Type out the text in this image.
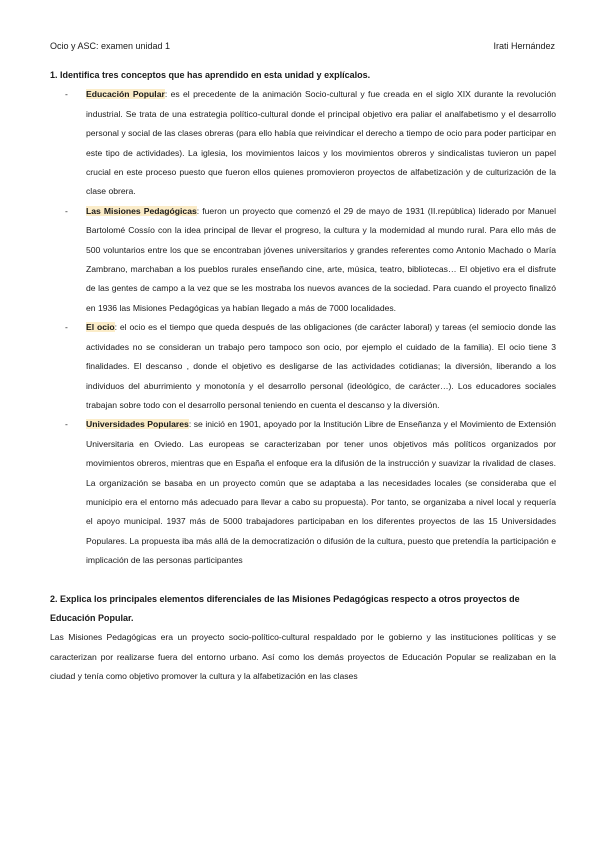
Ocio y ASC: examen unidad 1	Irati Hernández

1. Identifica tres conceptos que has aprendido en esta unidad y explícalos.

- Educación Popular: es el precedente de la animación Socio-cultural y fue creada en el siglo XIX durante la revolución industrial. Se trata de una estrategia político-cultural donde el principal objetivo era paliar el analfabetismo y el desarrollo personal y social de las clases obreras (para ello había que reivindicar el derecho a tiempo de ocio para poder participar en este tipo de actividades). La iglesia, los movimientos laicos y los movimientos obreros y sindicalistas tuvieron un papel crucial en este proceso puesto que fueron ellos quienes promovieron proyectos de alfabetización y de culturización de la clase obrera.
- Las Misiones Pedagógicas: fueron un proyecto que comenzó el 29 de mayo de 1931 (II.república) liderado por Manuel Bartolomé Cossío con la idea principal de llevar el progreso, la cultura y la modernidad al mundo rural. Para ello más de 500 voluntarios entre los que se encontraban jóvenes universitarios y grandes referentes como Antonio Machado o María Zambrano, marchaban a los pueblos rurales enseñando cine, arte, música, teatro, bibliotecas… El objetivo era el disfrute de las gentes de campo a la vez que se les mostraba los nuevos avances de la sociedad. Para cuando el proyecto finalizó en 1936 las Misiones Pedagógicas ya habían llegado a más de 7000 localidades.
- El ocio: el ocio es el tiempo que queda después de las obligaciones (de carácter laboral) y tareas (el semiocio donde las actividades no se consideran un trabajo pero tampoco son ocio, por ejemplo el cuidado de la familia). El ocio tiene 3 finalidades. El descanso , donde el objetivo es desligarse de las actividades cotidianas; la diversión, liberando a los individuos del aburrimiento y monotonía y el desarrollo personal (ideológico, de carácter…). Los educadores sociales trabajan sobre todo con el desarrollo personal teniendo en cuenta el descanso y la diversión.
- Universidades Populares: se inició en 1901, apoyado por la Institución Libre de Enseñanza y el Movimiento de Extensión Universitaria en Oviedo. Las europeas se caracterizaban por tener unos objetivos más políticos organizados por movimientos obreros, mientras que en España el enfoque era la difusión de la instrucción y suavizar la rivalidad de clases. La organización se basaba en un proyecto común que se adaptaba a las necesidades locales (se consideraba que el municipio era el entorno más adecuado para llevar a cabo su propuesta). Por tanto, se organizaba a nivel local y requería el apoyo municipal. 1937 más de 5000 trabajadores participaban en los diferentes proyectos de las 15 Universidades Populares. La propuesta iba más allá de la democratización o difusión de la cultura, puesto que pretendía la participación e implicación de las personas participantes

2. Explica los principales elementos diferenciales de las Misiones Pedagógicas respecto a otros proyectos de Educación Popular.

Las Misiones Pedagógicas era un proyecto socio-político-cultural respaldado por le gobierno y las instituciones políticas y se caracterizan por realizarse fuera del entorno urbano. Así como los demás proyectos de Educación Popular se realizaban en la ciudad y tenía como objetivo promover la cultura y la alfabetización en las clases
